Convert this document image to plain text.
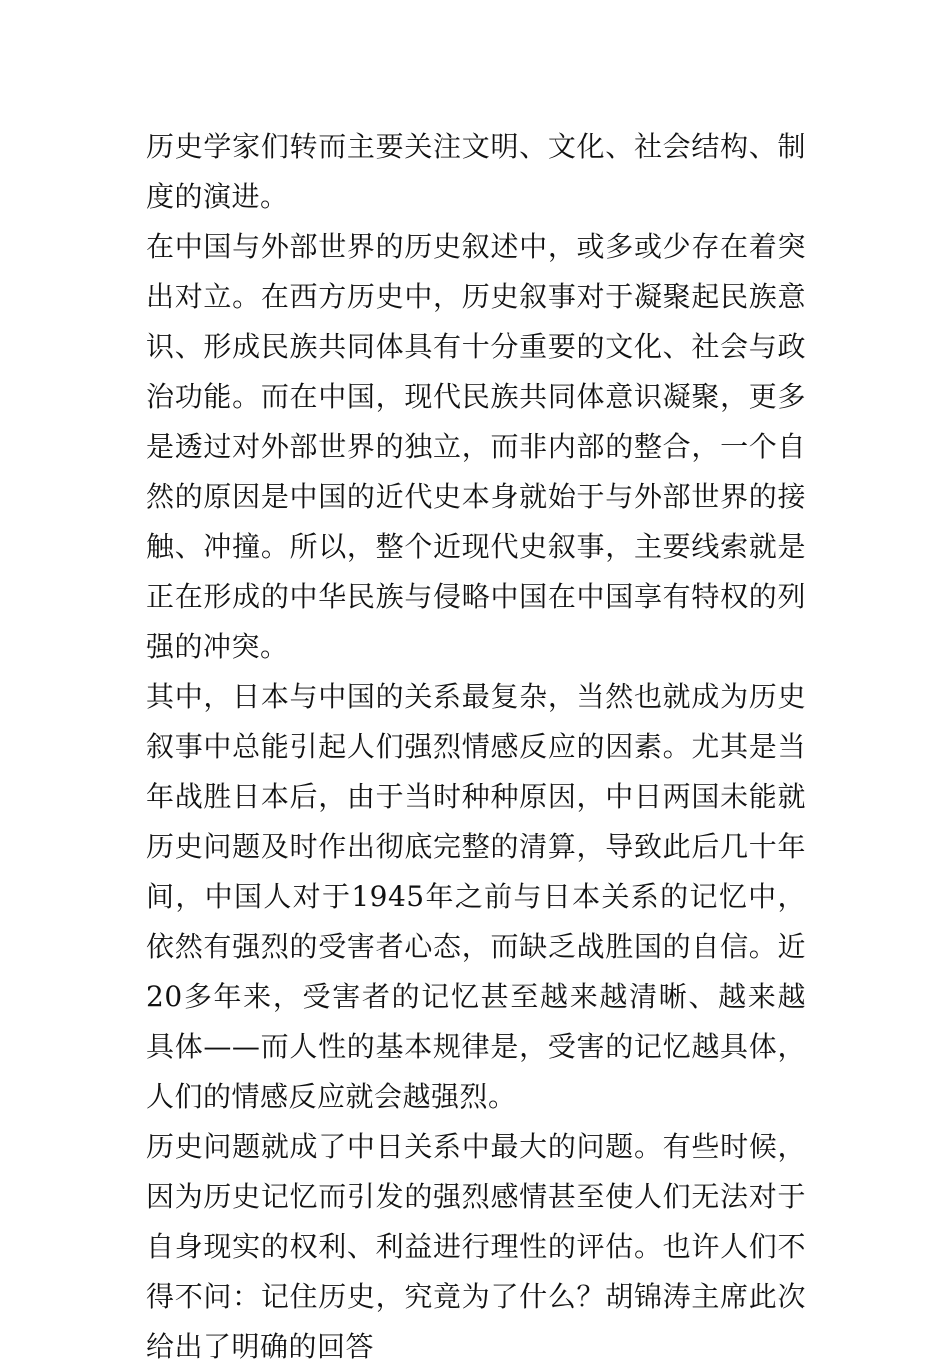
历史学家们转而主要关注文明、文化、社会结构、制度的演进。

在中国与外部世界的历史叙述中，或多或少存在着突出对立。在西方历史中，历史叙事对于凝聚起民族意识、形成民族共同体具有十分重要的文化、社会与政治功能。而在中国，现代民族共同体意识凝聚，更多是透过对外部世界的独立，而非内部的整合，一个自然的原因是中国的近代史本身就始于与外部世界的接触、冲撞。所以，整个近现代史叙事，主要线索就是正在形成的中华民族与侵略中国在中国享有特权的列强的冲突。

其中，日本与中国的关系最复杂，当然也就成为历史叙事中总能引起人们强烈情感反应的因素。尤其是当年战胜日本后，由于当时种种原因，中日两国未能就历史问题及时作出彻底完整的清算，导致此后几十年间，中国人对于1945年之前与日本关系的记忆中，依然有强烈的受害者心态，而缺乏战胜国的自信。近20多年来，受害者的记忆甚至越来越清晰、越来越具体——而人性的基本规律是，受害的记忆越具体，人们的情感反应就会越强烈。

历史问题就成了中日关系中最大的问题。有些时候，因为历史记忆而引发的强烈感情甚至使人们无法对于自身现实的权利、利益进行理性的评估。也许人们不得不问：记住历史，究竟为了什么？胡锦涛主席此次给出了明确的回答
